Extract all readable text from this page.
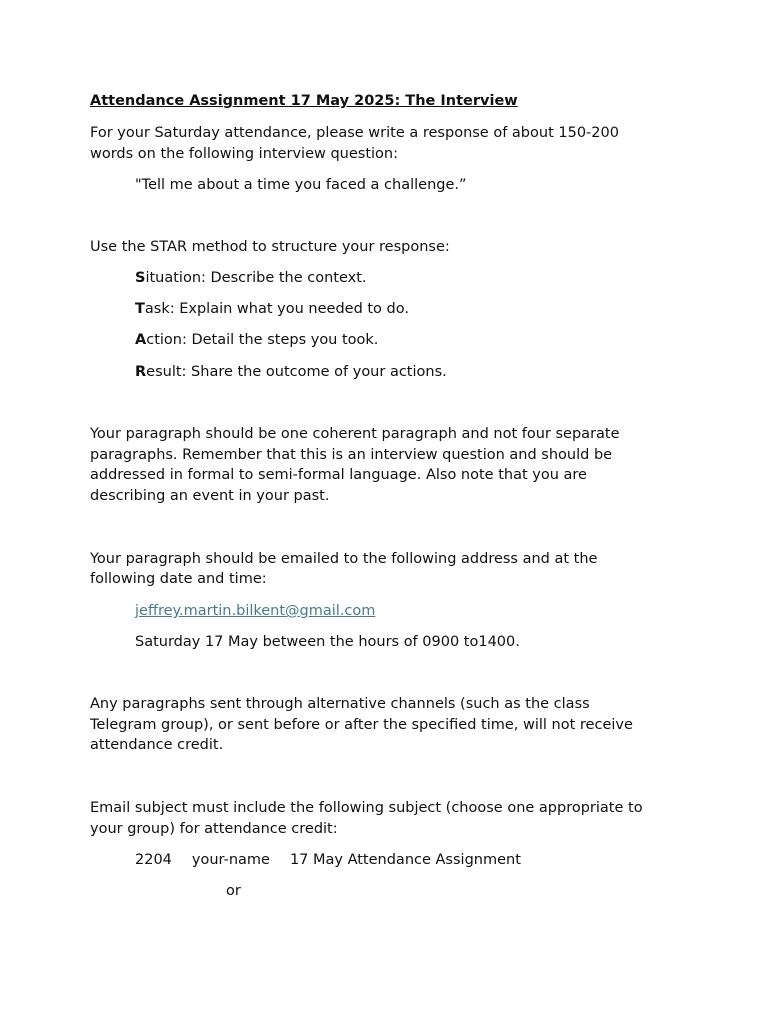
Attendance Assignment 17 May 2025: The Interview

For your Saturday attendance, please write a response of about 150-200

words on the following interview question:

"Tell me about a time you faced a challenge.”

Use the STAR method to structure your response:

Situation: Describe the context.

Task: Explain what you needed to do.

Action: Detail the steps you took.

Result: Share the outcome of your actions.

Your paragraph should be one coherent paragraph and not four separate

paragraphs. Remember that this is an interview question and should be

addressed in formal to semi-formal language. Also note that you are

describing an event in your past.

Your paragraph should be emailed to the following address and at the

following date and time:

jeffrey.martin.bilkent@gmail.com

Saturday 17 May between the hours of 0900 to1400.

Any paragraphs sent through alternative channels (such as the class

Telegram group), or sent before or after the specified time, will not receive

attendance credit.

Email subject must include the following subject (choose one appropriate to

your group) for attendance credit:

2204 your-name 17 May Attendance Assignment

or
